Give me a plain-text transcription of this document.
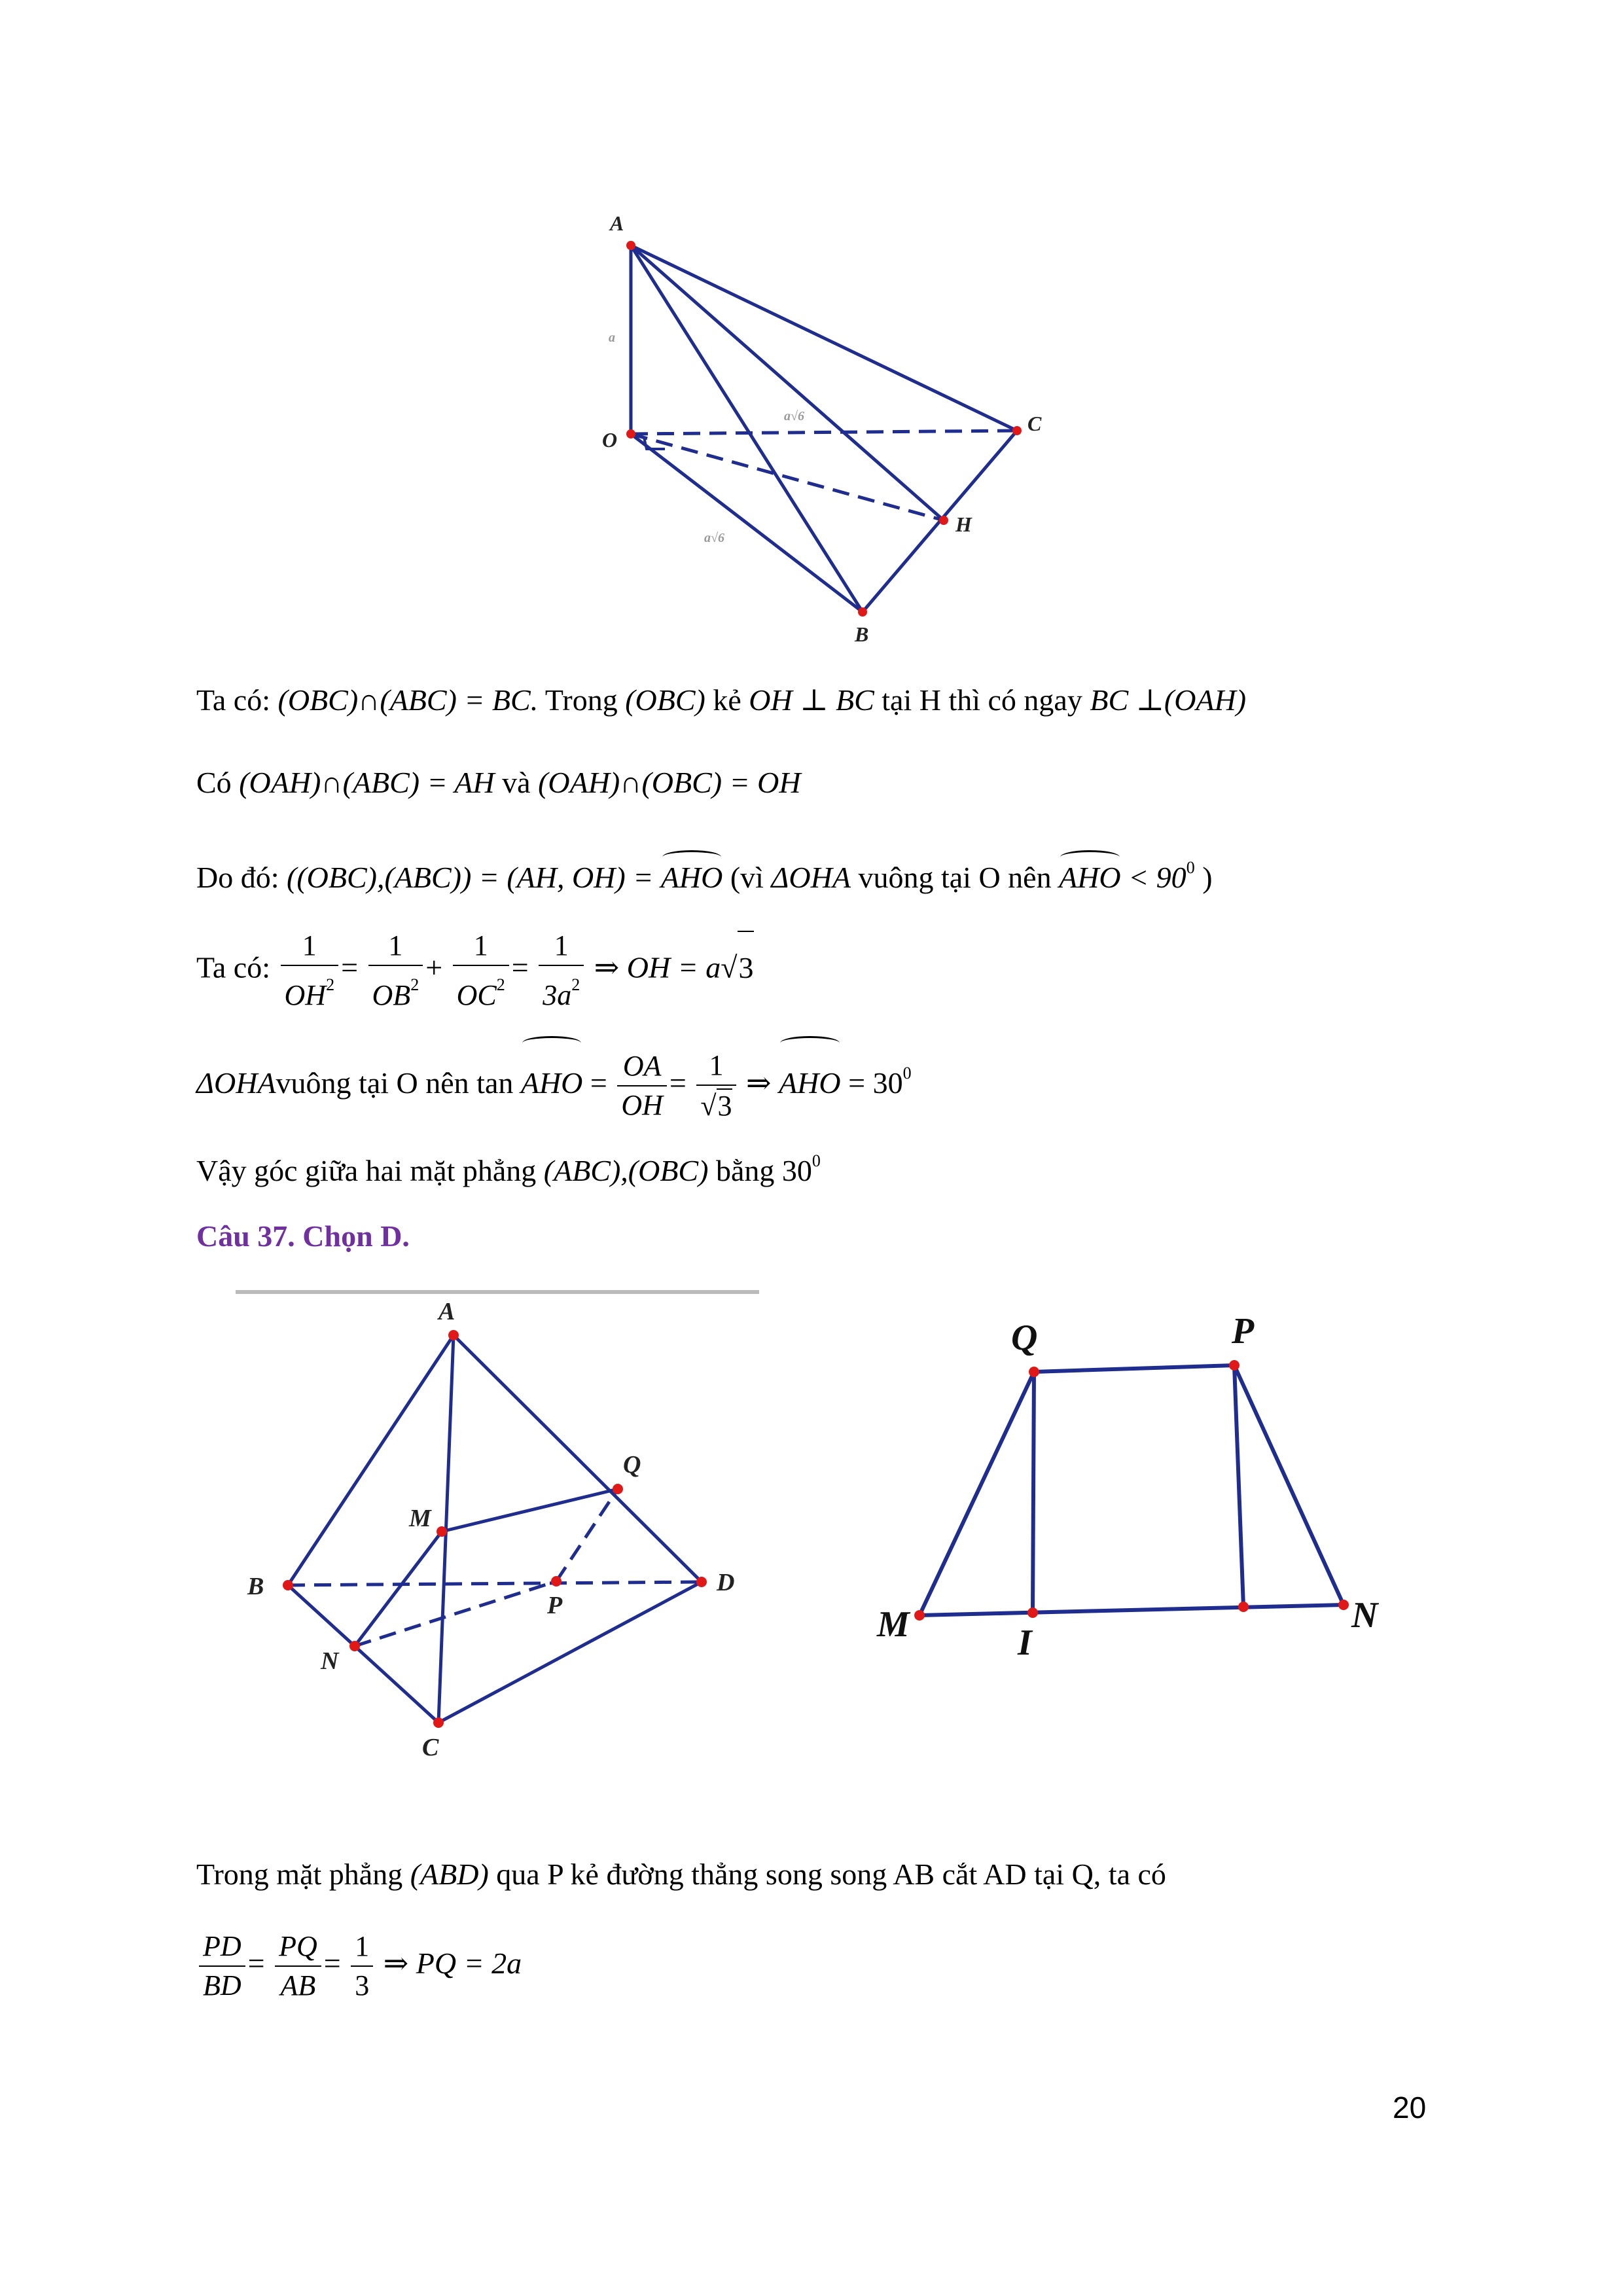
A
O
C
H
B
a
a√6
a√6
Ta có: (OBC)∩(ABC) = BC. Trong (OBC) kẻ OH ⊥ BC tại H thì có ngay BC ⊥(OAH)
Có (OAH)∩(ABC) = AH và (OAH)∩(OBC) = OH
Do đó: ((OBC),(ABC)) = (AH, OH) = AHO (vì ΔOHA vuông tại O nên AHO < $90^0$ )
Ta có: $\frac{1}{OH^2} = \frac{1}{OB^2} + \frac{1}{OC^2} = \frac{1}{3a^2}$ ⇒ OH = a√3
ΔOHAvuông tại O nên tan AHO = $\frac{OA}{OH} = \frac{1}{√3}$ ⇒ AHO = $30^0$
Vậy góc giữa hai mặt phẳng (ABC),(OBC) bằng $30^0$
Câu 37. Chọn D.
A
B
C
D
M
N
P
Q
Q	P
M	I
N
Trong mặt phẳng (ABD) qua P kẻ đường thẳng song song AB cắt AD tại Q, ta có
$\frac{PD}{BD} = \frac{PQ}{AB} = \frac{1}{3}$ ⇒ PQ = 2a
20
